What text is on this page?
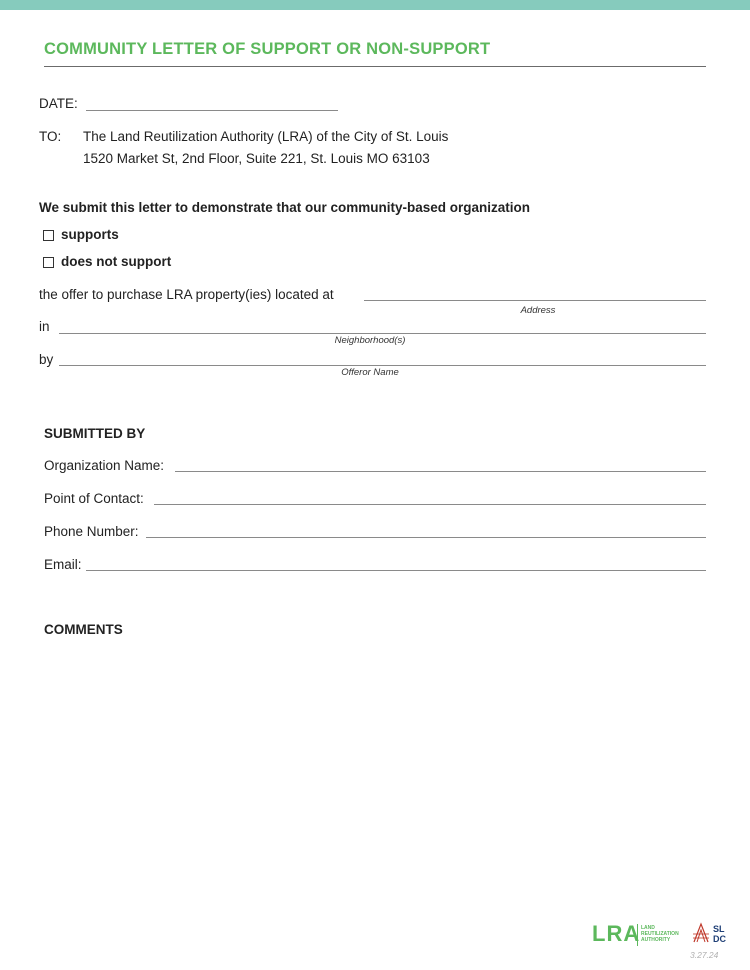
COMMUNITY LETTER OF SUPPORT OR NON-SUPPORT
DATE:
TO: The Land Reutilization Authority (LRA) of the City of St. Louis
1520 Market St, 2nd Floor, Suite 221, St. Louis MO 63103
We submit this letter to demonstrate that our community-based organization
supports
does not support
the offer to purchase LRA property(ies) located at
Address
in
Neighborhood(s)
by
Offeror Name
SUBMITTED BY
Organization Name:
Point of Contact:
Phone Number:
Email:
COMMENTS
LRA LAND REUTILIZATION AUTHORITY
SL DC
3.27.24
